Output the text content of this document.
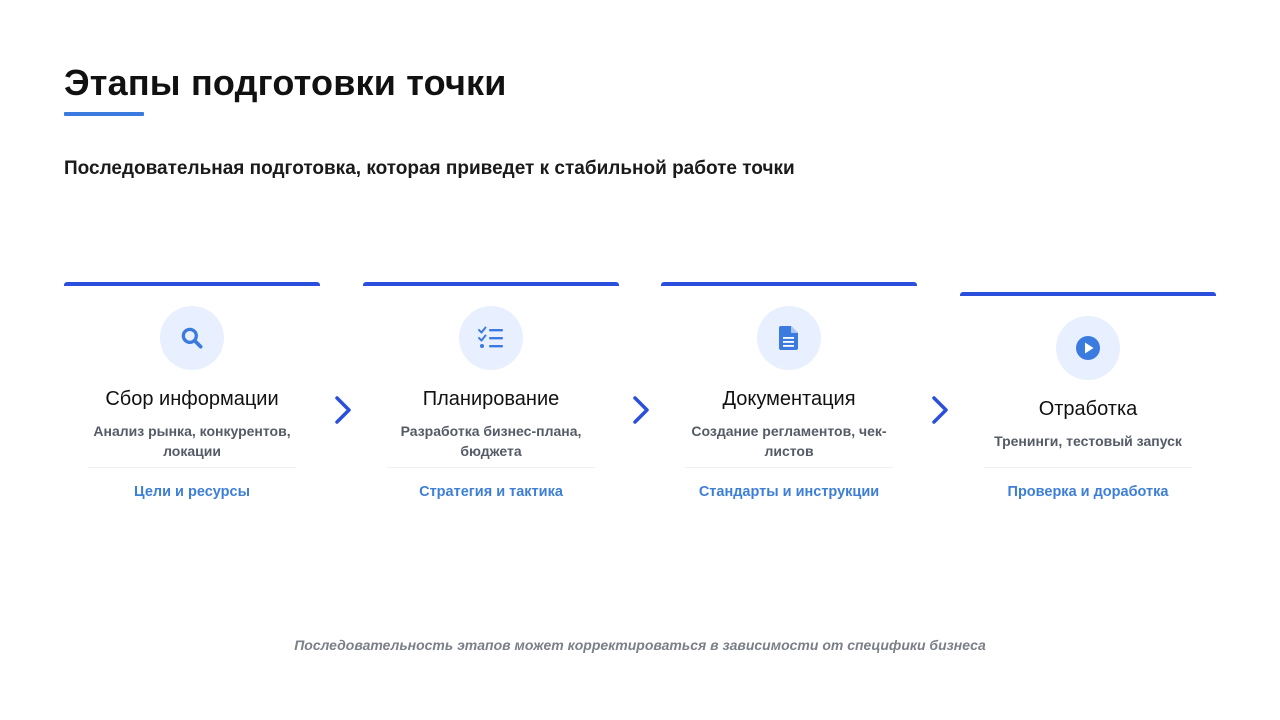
Этапы подготовки точки
Последовательная подготовка, которая приведет к стабильной работе точки
Сбор информации
Анализ рынка, конкурентов, локации
Цели и ресурсы
Планирование
Разработка бизнес-плана, бюджета
Стратегия и тактика
Документация
Создание регламентов, чек-листов
Стандарты и инструкции
Отработка
Тренинги, тестовый запуск
Проверка и доработка
Последовательность этапов может корректироваться в зависимости от специфики бизнеса
